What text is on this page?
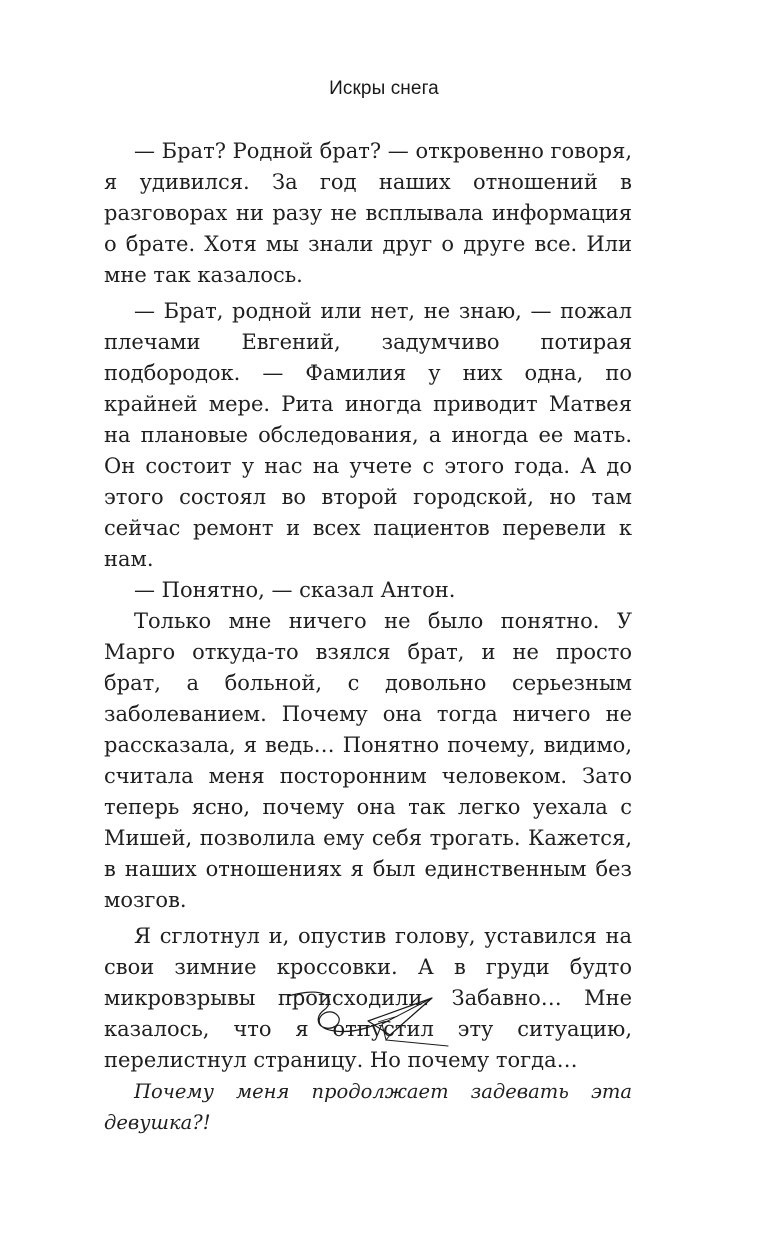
Искры снега

— Брат? Родной брат? — откровенно говоря, я удивился. За год наших отношений в разговорах ни разу не всплывала информация о брате. Хотя мы знали друг о друге все. Или мне так казалось.

— Брат, родной или нет, не знаю, — пожал плечами Евгений, задумчиво потирая подбородок. — Фамилия у них одна, по крайней мере. Рита иногда приводит Матвея на плановые обследования, а иногда ее мать. Он состоит у нас на учете с этого года. А до этого состоял во второй городской, но там сейчас ремонт и всех пациентов перевели к нам.

— Понятно, — сказал Антон.

Только мне ничего не было понятно. У Марго откуда-то взялся брат, и не просто брат, а больной, с довольно серьезным заболеванием. Почему она тогда ничего не рассказала, я ведь… Понятно почему, видимо, считала меня посторонним человеком. Зато теперь ясно, почему она так легко уехала с Мишей, позволила ему себя трогать. Кажется, в наших отношениях я был единственным без мозгов.

Я сглотнул и, опустив голову, уставился на свои зимние кроссовки. А в груди будто микровзрывы происходили. Забавно… Мне казалось, что я отпустил эту ситуацию, перелистнул страницу. Но почему тогда…

Почему меня продолжает задевать эта девушка?!
